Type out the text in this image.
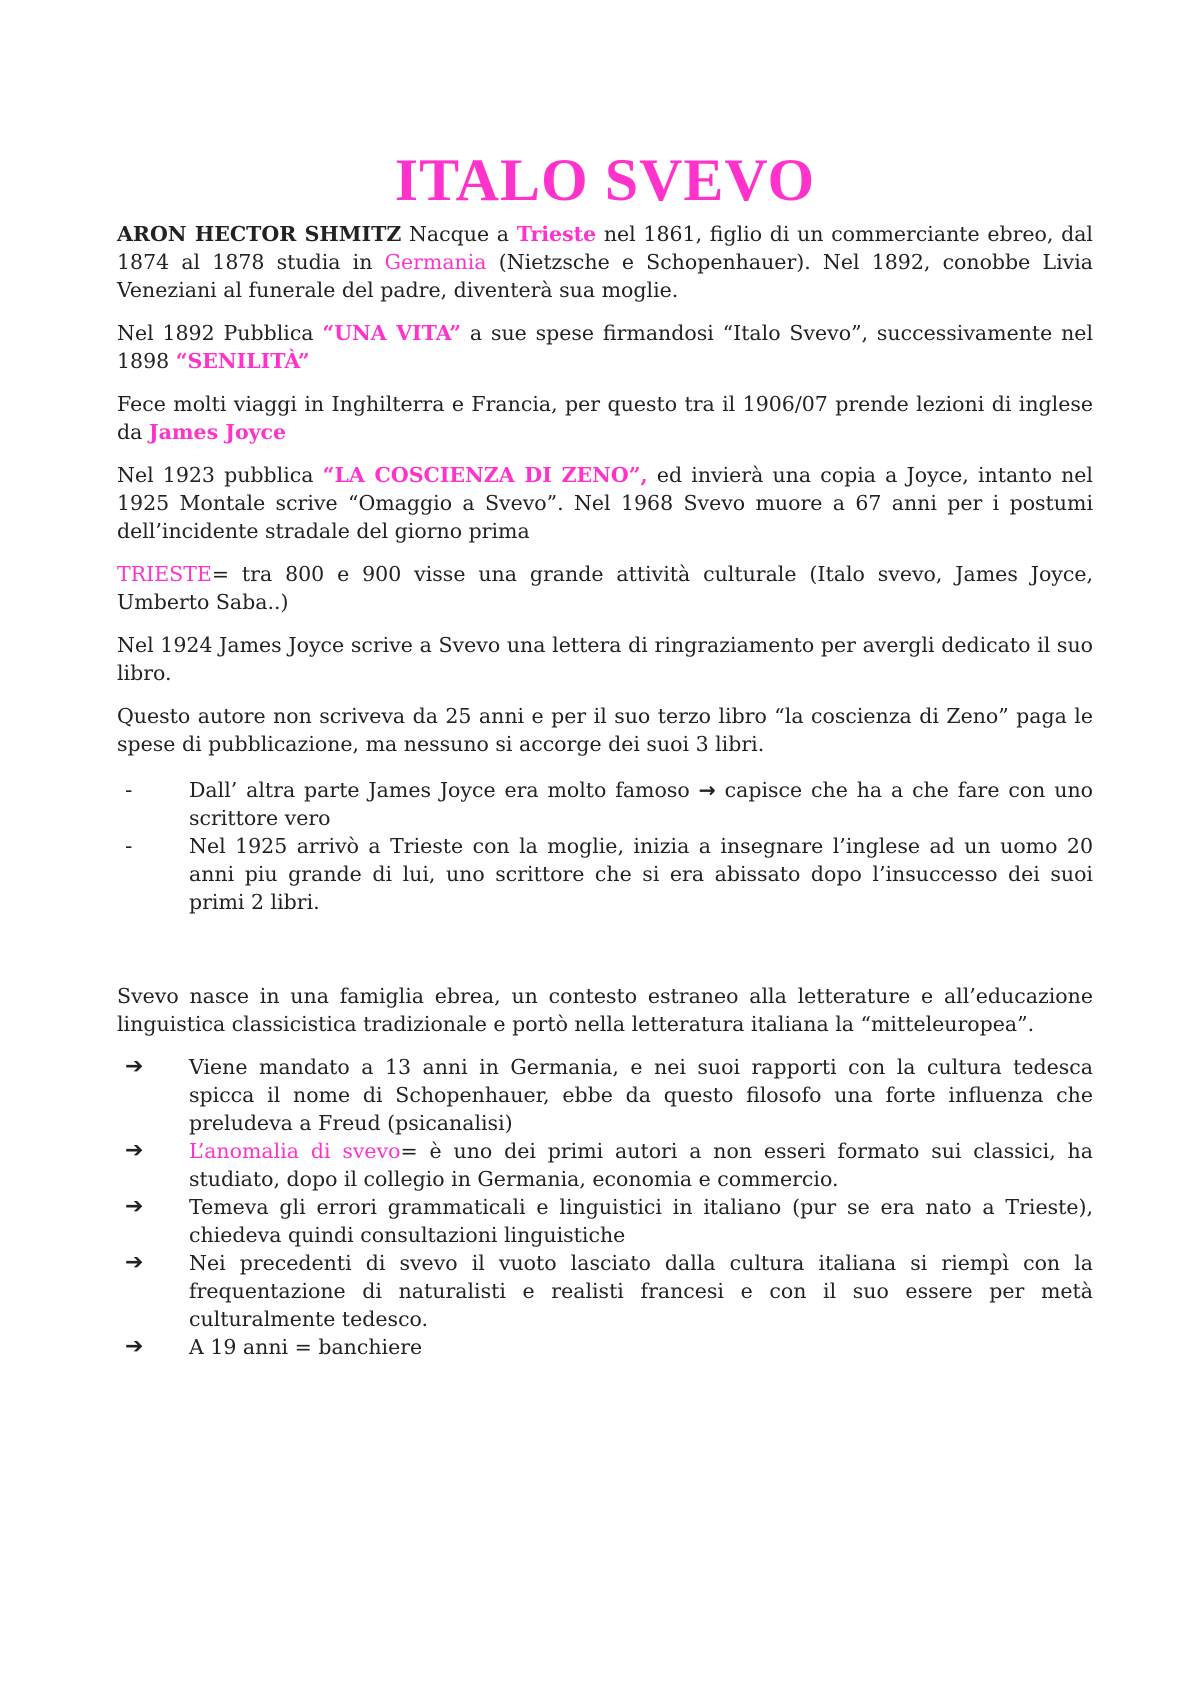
ITALO SVEVO

ARON HECTOR SHMITZ Nacque a Trieste nel 1861, figlio di un commerciante ebreo, dal 1874 al 1878 studia in Germania (Nietzsche e Schopenhauer). Nel 1892, conobbe Livia Veneziani al funerale del padre, diventerà sua moglie.

Nel 1892 Pubblica “UNA VITA” a sue spese firmandosi “Italo Svevo”, successivamente nel 1898 “SENILITÀ”

Fece molti viaggi in Inghilterra e Francia, per questo tra il 1906/07 prende lezioni di inglese da James Joyce

Nel 1923 pubblica “LA COSCIENZA DI ZENO”, ed invierà una copia a Joyce, intanto nel 1925 Montale scrive “Omaggio a Svevo”. Nel 1968 Svevo muore a 67 anni per i postumi dell’incidente stradale del giorno prima

TRIESTE= tra 800 e 900 visse una grande attività culturale (Italo svevo, James Joyce, Umberto Saba..)

Nel 1924 James Joyce scrive a Svevo una lettera di ringraziamento per avergli dedicato il suo libro.

Questo autore non scriveva da 25 anni e per il suo terzo libro “la coscienza di Zeno” paga le spese di pubblicazione, ma nessuno si accorge dei suoi 3 libri.

-	Dall’ altra parte James Joyce era molto famoso → capisce che ha a che fare con uno scrittore vero
-	Nel 1925 arrivò a Trieste con la moglie, inizia a insegnare l’inglese ad un uomo 20 anni piu grande di lui, uno scrittore che si era abissato dopo l’insuccesso dei suoi primi 2 libri.

Svevo nasce in una famiglia ebrea, un contesto estraneo alla letterature e all’educazione linguistica classicistica tradizionale e portò nella letteratura italiana la “mitteleuropea”.

➔	Viene mandato a 13 anni in Germania, e nei suoi rapporti con la cultura tedesca spicca il nome di Schopenhauer, ebbe da questo filosofo una forte influenza che preludeva a Freud (psicanalisi)
➔	L’anomalia di svevo= è uno dei primi autori a non esseri formato sui classici, ha studiato, dopo il collegio in Germania, economia e commercio.
➔	Temeva gli errori grammaticali e linguistici in italiano (pur se era nato a Trieste), chiedeva quindi consultazioni linguistiche
➔	Nei precedenti di svevo il vuoto lasciato dalla cultura italiana si riempì con la frequentazione di naturalisti e realisti francesi e con il suo essere per metà culturalmente tedesco.
➔	A 19 anni = banchiere
